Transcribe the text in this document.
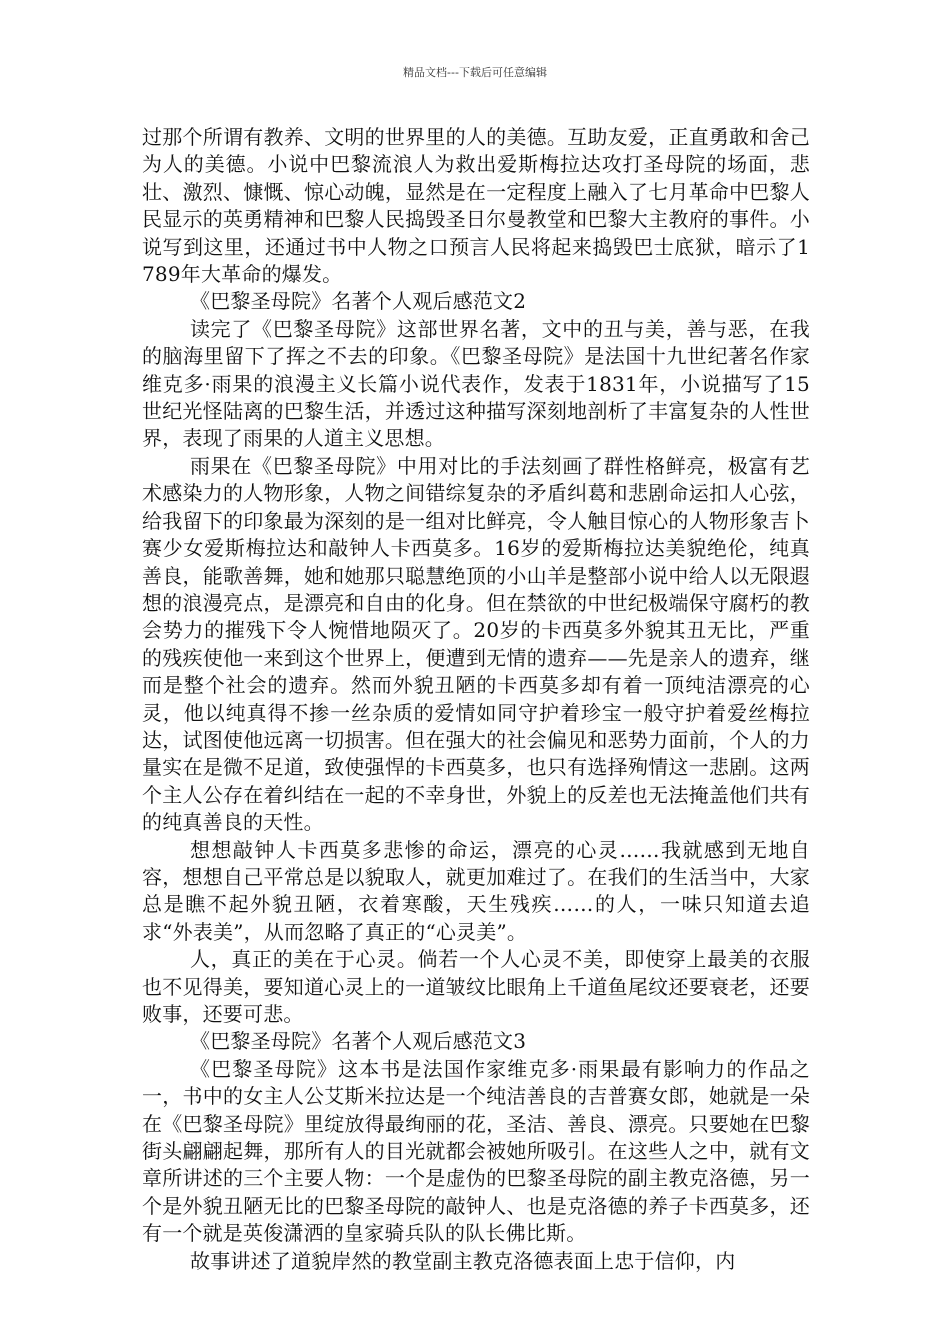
精品文档---下载后可任意编辑

过那个所谓有教养、文明的世界里的人的美德。互助友爱，正直勇敢和舍己为人的美德。小说中巴黎流浪人为救出爱斯梅拉达攻打圣母院的场面，悲壮、激烈、慷慨、惊心动魄，显然是在一定程度上融入了七月革命中巴黎人民显示的英勇精神和巴黎人民捣毁圣日尔曼教堂和巴黎大主教府的事件。小说写到这里，还通过书中人物之口预言人民将起来捣毁巴士底狱，暗示了1789年大革命的爆发。

《巴黎圣母院》名著个人观后感范文2

读完了《巴黎圣母院》这部世界名著，文中的丑与美，善与恶，在我的脑海里留下了挥之不去的印象。《巴黎圣母院》是法国十九世纪著名作家维克多·雨果的浪漫主义长篇小说代表作，发表于1831年，小说描写了15世纪光怪陆离的巴黎生活，并透过这种描写深刻地剖析了丰富复杂的人性世界，表现了雨果的人道主义思想。

雨果在《巴黎圣母院》中用对比的手法刻画了群性格鲜亮，极富有艺术感染力的人物形象，人物之间错综复杂的矛盾纠葛和悲剧命运扣人心弦，给我留下的印象最为深刻的是一组对比鲜亮，令人触目惊心的人物形象吉卜赛少女爱斯梅拉达和敲钟人卡西莫多。16岁的爱斯梅拉达美貌绝伦，纯真善良，能歌善舞，她和她那只聪慧绝顶的小山羊是整部小说中给人以无限遐想的浪漫亮点，是漂亮和自由的化身。但在禁欲的中世纪极端保守腐朽的教会势力的摧残下令人惋惜地陨灭了。20岁的卡西莫多外貌其丑无比，严重的残疾使他一来到这个世界上，便遭到无情的遗弃——先是亲人的遗弃，继而是整个社会的遗弃。然而外貌丑陋的卡西莫多却有着一顶纯洁漂亮的心灵，他以纯真得不掺一丝杂质的爱情如同守护着珍宝一般守护着爱丝梅拉达，试图使他远离一切损害。但在强大的社会偏见和恶势力面前，个人的力量实在是微不足道，致使强悍的卡西莫多，也只有选择殉情这一悲剧。这两个主人公存在着纠结在一起的不幸身世，外貌上的反差也无法掩盖他们共有的纯真善良的天性。

想想敲钟人卡西莫多悲惨的命运，漂亮的心灵……我就感到无地自容，想想自己平常总是以貌取人，就更加难过了。在我们的生活当中，大家总是瞧不起外貌丑陋，衣着寒酸，天生残疾……的人，一味只知道去追求“外表美”，从而忽略了真正的“心灵美”。

人，真正的美在于心灵。倘若一个人心灵不美，即使穿上最美的衣服也不见得美，要知道心灵上的一道皱纹比眼角上千道鱼尾纹还要衰老，还要败事，还要可悲。

《巴黎圣母院》名著个人观后感范文3

《巴黎圣母院》这本书是法国作家维克多·雨果最有影响力的作品之一，书中的女主人公艾斯米拉达是一个纯洁善良的吉普赛女郎，她就是一朵在《巴黎圣母院》里绽放得最绚丽的花，圣洁、善良、漂亮。只要她在巴黎街头翩翩起舞，那所有人的目光就都会被她所吸引。在这些人之中，就有文章所讲述的三个主要人物：一个是虚伪的巴黎圣母院的副主教克洛德，另一个是外貌丑陋无比的巴黎圣母院的敲钟人、也是克洛德的养子卡西莫多，还有一个就是英俊潇洒的皇家骑兵队的队长佛比斯。

故事讲述了道貌岸然的教堂副主教克洛德表面上忠于信仰，内
